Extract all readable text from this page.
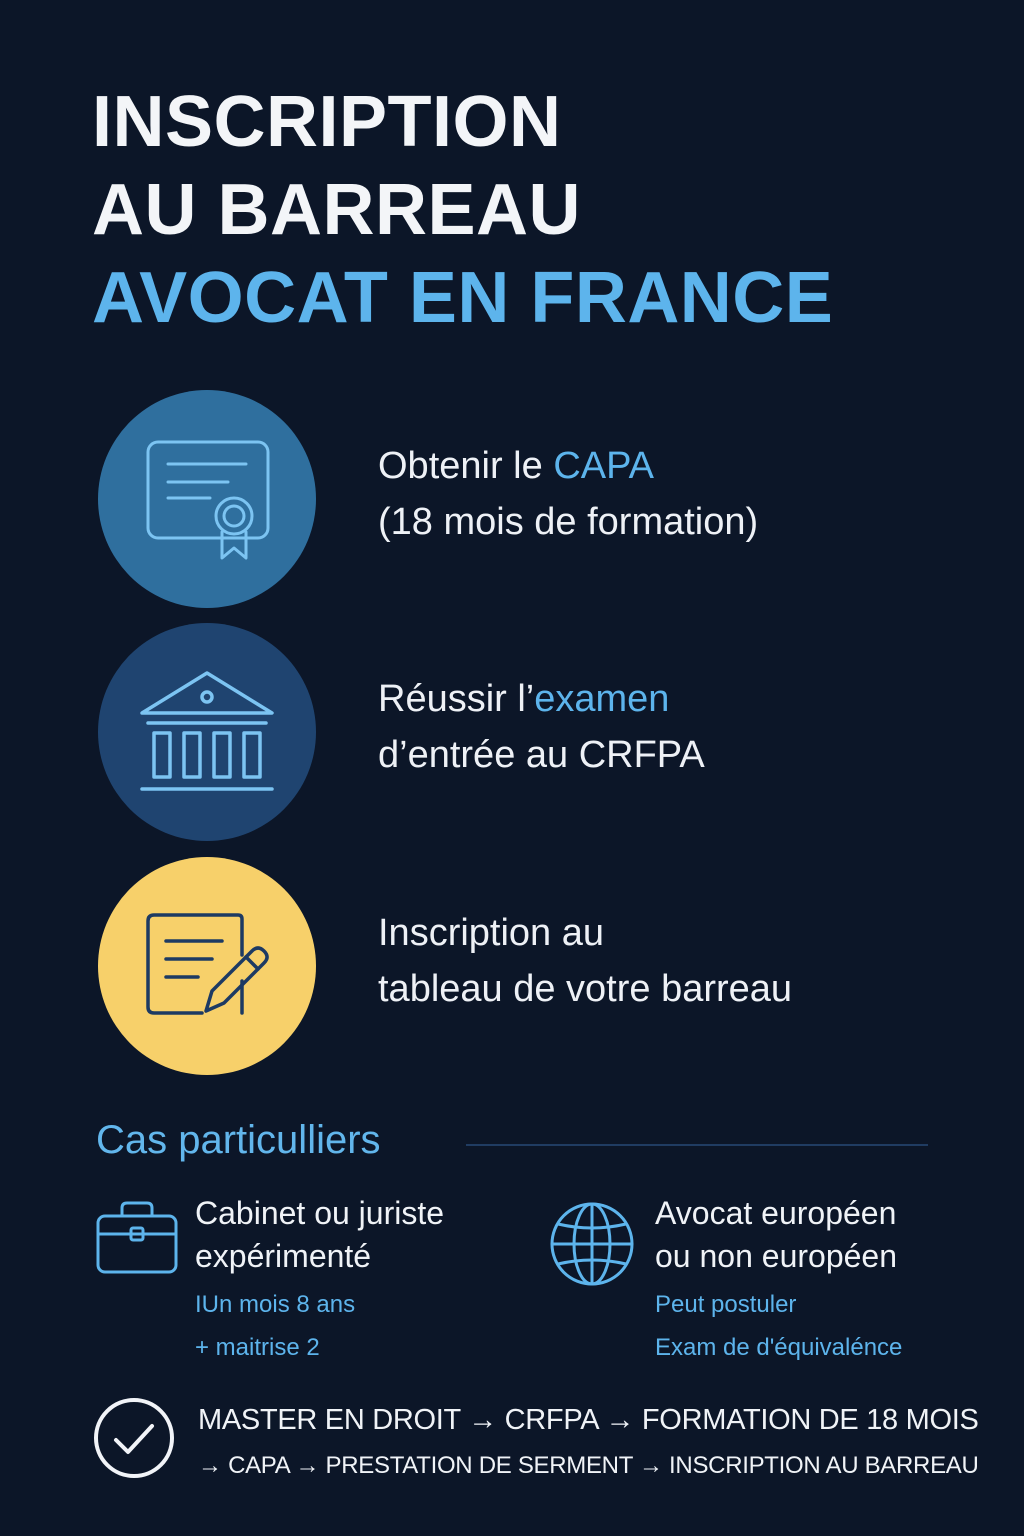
INSCRIPTION
AU BARREAU
AVOCAT EN FRANCE
Obtenir le CAPA
(18 mois de formation)
Réussir l’examen
d’entrée au CRFPA
Inscription au
tableau de votre barreau
Cas particulliers
Cabinet ou juriste
expérimenté
IUn mois 8 ans
+ maitrise 2
Avocat européen
ou non européen
Peut postuler
Exam de d'équivalénce
MASTER EN DROIT → CRFPA → FORMATION DE 18 MOIS
→ CAPA → PRESTATION DE SERMENT → INSCRIPTION AU BARREAU
